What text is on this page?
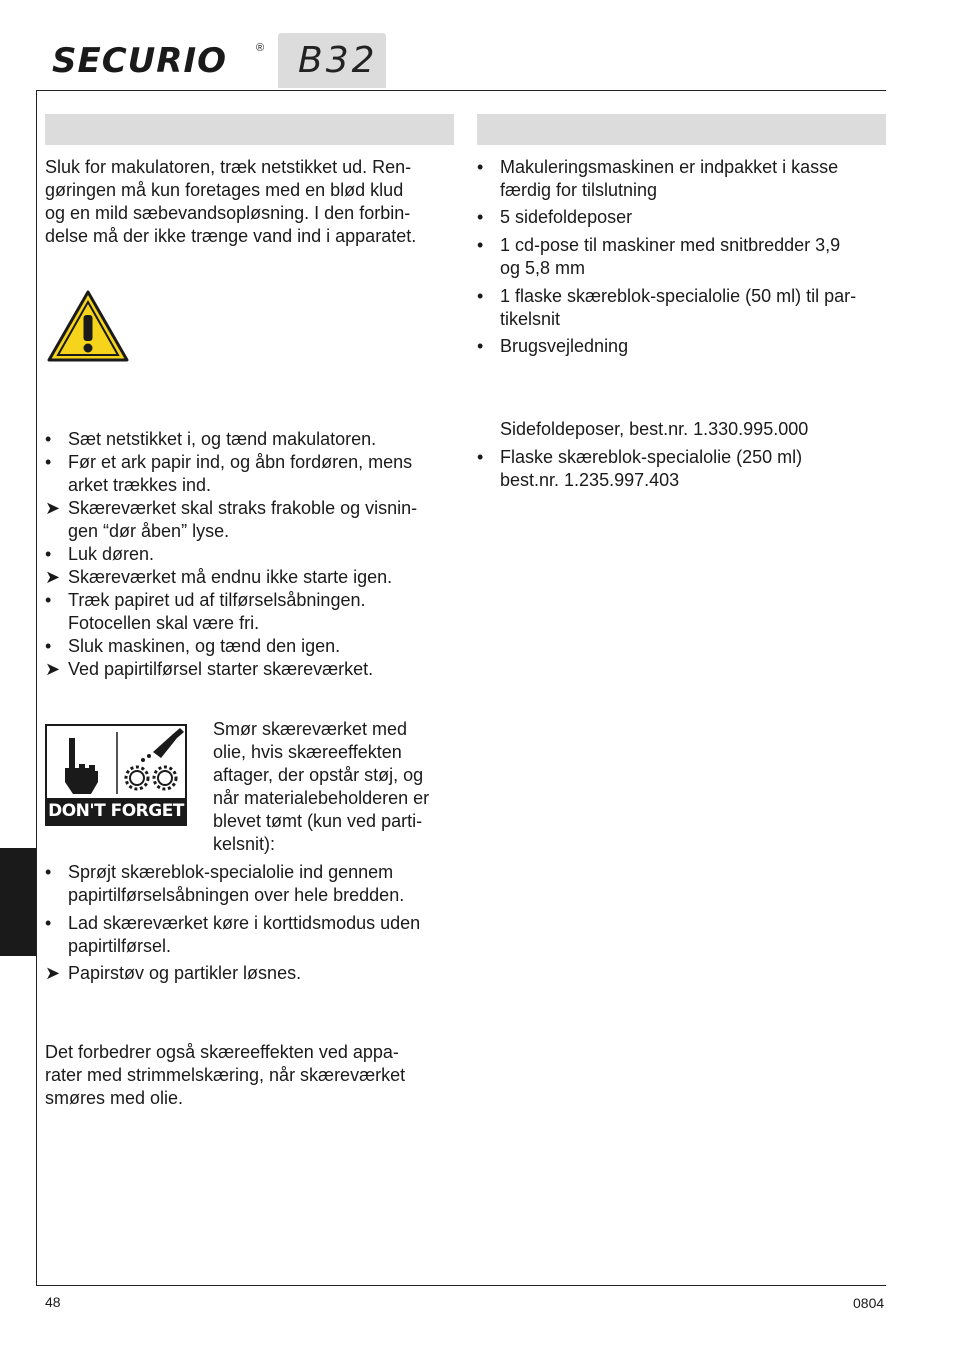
SECURIO	® B32
Sluk for makulatoren, træk netstikket ud. Ren-
gøringen må kun foretages med en blød klud
og en mild sæbevandsopløsning. I den forbin-
delse må der ikke trænge vand ind i apparatet.
• Sæt netstikket i, og tænd makulatoren.
• Før et ark papir ind, og åbn fordøren, mens
arket trækkes ind.
➤ Skæreværket skal straks frakoble og visnin-
gen “dør åben” lyse.
• Luk døren.
➤ Skæreværket må endnu ikke starte igen.
• Træk papiret ud af tilførselsåbningen.
Fotocellen skal være fri.
• Sluk maskinen, og tænd den igen.
➤ Ved papirtilførsel starter skæreværket.
DON'T FORGET
Smør skæreværket med
olie, hvis skæreeffekten
aftager, der opstår støj, og
når materialebeholderen er
blevet tømt (kun ved parti-
kelsnit):
• Sprøjt skæreblok-specialolie ind gennem
papirtilførselsåbningen over hele bredden.
• Lad skæreværket køre i korttidsmodus uden
papirtilførsel.
➤ Papirstøv og partikler løsnes.
Det forbedrer også skæreeffekten ved appa-
rater med strimmelskæring, når skæreværket
smøres med olie.
• Makuleringsmaskinen er indpakket i kasse
færdig for tilslutning
• 5 sidefoldeposer
• 1 cd-pose til maskiner med snitbredder 3,9
og 5,8 mm
• 1 flaske skæreblok-specialolie (50 ml) til par-
tikelsnit
• Brugsvejledning
Sidefoldeposer, best.nr. 1.330.995.000
• Flaske skæreblok-specialolie (250 ml)
best.nr. 1.235.997.403
48	0804
